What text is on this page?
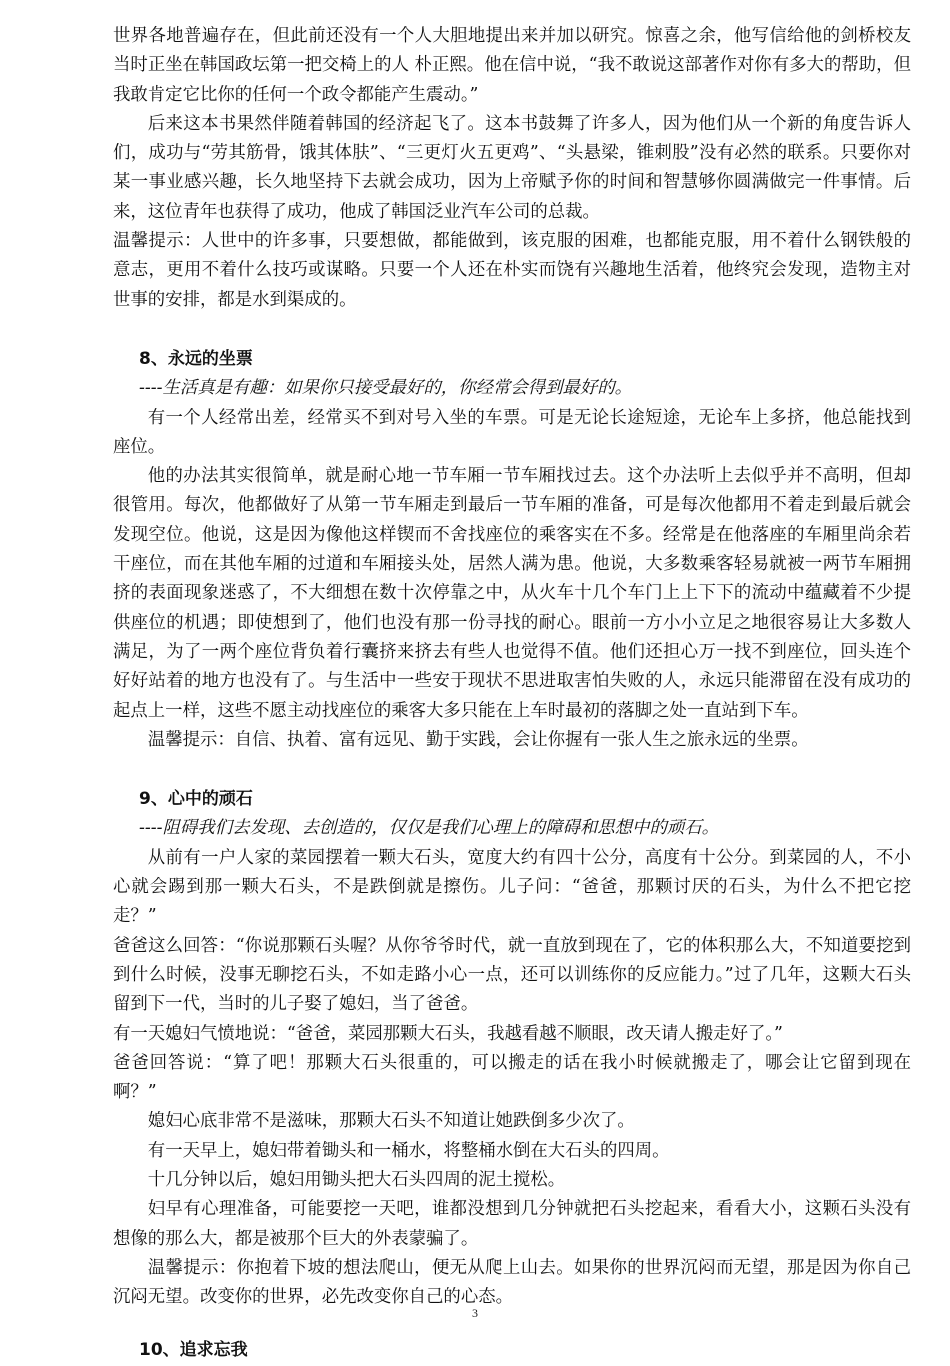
世界各地普遍存在，但此前还没有一个人大胆地提出来并加以研究。惊喜之余，他写信给他的剑桥校友 当时正坐在韩国政坛第一把交椅上的人 朴正熙。他在信中说，“我不敢说这部著作对你有多大的帮助，但我敢肯定它比你的任何一个政令都能产生震动。”

后来这本书果然伴随着韩国的经济起飞了。这本书鼓舞了许多人，因为他们从一个新的角度告诉人们，成功与“劳其筋骨，饿其体肤”、“三更灯火五更鸡”、“头悬梁，锥刺股”没有必然的联系。只要你对某一事业感兴趣，长久地坚持下去就会成功，因为上帝赋予你的时间和智慧够你圆满做完一件事情。后来，这位青年也获得了成功，他成了韩国泛业汽车公司的总裁。

温馨提示：人世中的许多事，只要想做，都能做到，该克服的困难，也都能克服，用不着什么钢铁般的意志，更用不着什么技巧或谋略。只要一个人还在朴实而饶有兴趣地生活着，他终究会发现，造物主对世事的安排，都是水到渠成的。

8、永远的坐票

----生活真是有趣：如果你只接受最好的，你经常会得到最好的。

有一个人经常出差，经常买不到对号入坐的车票。可是无论长途短途，无论车上多挤，他总能找到座位。

他的办法其实很简单，就是耐心地一节车厢一节车厢找过去。这个办法听上去似乎并不高明，但却很管用。每次，他都做好了从第一节车厢走到最后一节车厢的准备，可是每次他都用不着走到最后就会发现空位。他说，这是因为像他这样锲而不舍找座位的乘客实在不多。经常是在他落座的车厢里尚余若干座位，而在其他车厢的过道和车厢接头处，居然人满为患。他说，大多数乘客轻易就被一两节车厢拥挤的表面现象迷惑了，不大细想在数十次停靠之中，从火车十几个车门上上下下的流动中蕴藏着不少提供座位的机遇；即使想到了，他们也没有那一份寻找的耐心。眼前一方小小立足之地很容易让大多数人满足，为了一两个座位背负着行囊挤来挤去有些人也觉得不值。他们还担心万一找不到座位，回头连个好好站着的地方也没有了。与生活中一些安于现状不思进取害怕失败的人，永远只能滞留在没有成功的起点上一样，这些不愿主动找座位的乘客大多只能在上车时最初的落脚之处一直站到下车。

温馨提示：自信、执着、富有远见、勤于实践，会让你握有一张人生之旅永远的坐票。

9、心中的顽石

----阻碍我们去发现、去创造的，仅仅是我们心理上的障碍和思想中的顽石。

从前有一户人家的菜园摆着一颗大石头，宽度大约有四十公分，高度有十公分。到菜园的人，不小心就会踢到那一颗大石头，不是跌倒就是擦伤。儿子问：“爸爸，那颗讨厌的石头，为什么不把它挖走？”

爸爸这么回答：“你说那颗石头喔？从你爷爷时代，就一直放到现在了，它的体积那么大，不知道要挖到到什么时候，没事无聊挖石头，不如走路小心一点，还可以训练你的反应能力。”过了几年，这颗大石头留到下一代，当时的儿子娶了媳妇，当了爸爸。

有一天媳妇气愤地说：“爸爸，菜园那颗大石头，我越看越不顺眼，改天请人搬走好了。”

爸爸回答说：“算了吧！那颗大石头很重的，可以搬走的话在我小时候就搬走了，哪会让它留到现在啊？”

媳妇心底非常不是滋味，那颗大石头不知道让她跌倒多少次了。

有一天早上，媳妇带着锄头和一桶水，将整桶水倒在大石头的四周。

十几分钟以后，媳妇用锄头把大石头四周的泥土搅松。

妇早有心理准备，可能要挖一天吧，谁都没想到几分钟就把石头挖起来，看看大小，这颗石头没有想像的那么大，都是被那个巨大的外表蒙骗了。

温馨提示：你抱着下坡的想法爬山，便无从爬上山去。如果你的世界沉闷而无望，那是因为你自己沉闷无望。改变你的世界，必先改变你自己的心态。

10、追求忘我
3
